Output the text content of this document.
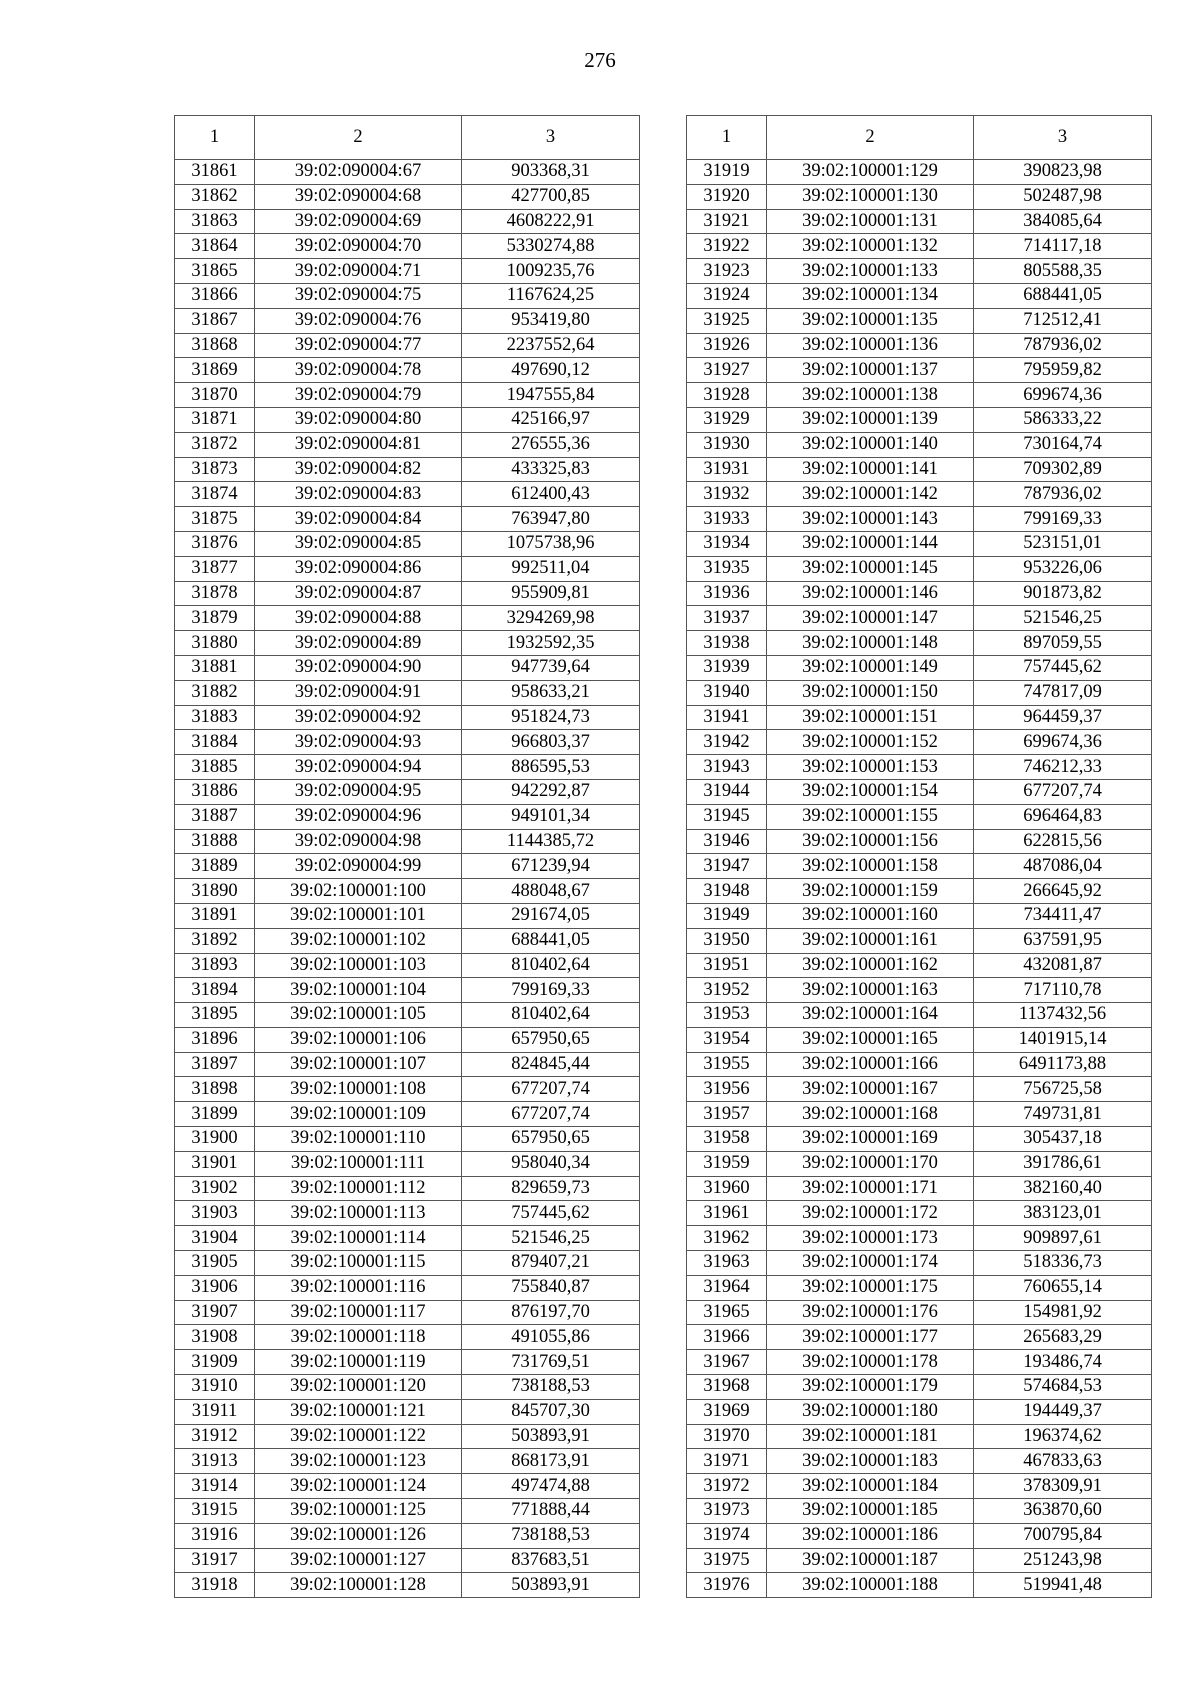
276
1	2	3
31861	39:02:090004:67	903368,31
31862	39:02:090004:68	427700,85
31863	39:02:090004:69	4608222,91
31864	39:02:090004:70	5330274,88
31865	39:02:090004:71	1009235,76
31866	39:02:090004:75	1167624,25
31867	39:02:090004:76	953419,80
31868	39:02:090004:77	2237552,64
31869	39:02:090004:78	497690,12
31870	39:02:090004:79	1947555,84
31871	39:02:090004:80	425166,97
31872	39:02:090004:81	276555,36
31873	39:02:090004:82	433325,83
31874	39:02:090004:83	612400,43
31875	39:02:090004:84	763947,80
31876	39:02:090004:85	1075738,96
31877	39:02:090004:86	992511,04
31878	39:02:090004:87	955909,81
31879	39:02:090004:88	3294269,98
31880	39:02:090004:89	1932592,35
31881	39:02:090004:90	947739,64
31882	39:02:090004:91	958633,21
31883	39:02:090004:92	951824,73
31884	39:02:090004:93	966803,37
31885	39:02:090004:94	886595,53
31886	39:02:090004:95	942292,87
31887	39:02:090004:96	949101,34
31888	39:02:090004:98	1144385,72
31889	39:02:090004:99	671239,94
31890	39:02:100001:100	488048,67
31891	39:02:100001:101	291674,05
31892	39:02:100001:102	688441,05
31893	39:02:100001:103	810402,64
31894	39:02:100001:104	799169,33
31895	39:02:100001:105	810402,64
31896	39:02:100001:106	657950,65
31897	39:02:100001:107	824845,44
31898	39:02:100001:108	677207,74
31899	39:02:100001:109	677207,74
31900	39:02:100001:110	657950,65
31901	39:02:100001:111	958040,34
31902	39:02:100001:112	829659,73
31903	39:02:100001:113	757445,62
31904	39:02:100001:114	521546,25
31905	39:02:100001:115	879407,21
31906	39:02:100001:116	755840,87
31907	39:02:100001:117	876197,70
31908	39:02:100001:118	491055,86
31909	39:02:100001:119	731769,51
31910	39:02:100001:120	738188,53
31911	39:02:100001:121	845707,30
31912	39:02:100001:122	503893,91
31913	39:02:100001:123	868173,91
31914	39:02:100001:124	497474,88
31915	39:02:100001:125	771888,44
31916	39:02:100001:126	738188,53
31917	39:02:100001:127	837683,51
31918	39:02:100001:128	503893,91
1	2	3
31919	39:02:100001:129	390823,98
31920	39:02:100001:130	502487,98
31921	39:02:100001:131	384085,64
31922	39:02:100001:132	714117,18
31923	39:02:100001:133	805588,35
31924	39:02:100001:134	688441,05
31925	39:02:100001:135	712512,41
31926	39:02:100001:136	787936,02
31927	39:02:100001:137	795959,82
31928	39:02:100001:138	699674,36
31929	39:02:100001:139	586333,22
31930	39:02:100001:140	730164,74
31931	39:02:100001:141	709302,89
31932	39:02:100001:142	787936,02
31933	39:02:100001:143	799169,33
31934	39:02:100001:144	523151,01
31935	39:02:100001:145	953226,06
31936	39:02:100001:146	901873,82
31937	39:02:100001:147	521546,25
31938	39:02:100001:148	897059,55
31939	39:02:100001:149	757445,62
31940	39:02:100001:150	747817,09
31941	39:02:100001:151	964459,37
31942	39:02:100001:152	699674,36
31943	39:02:100001:153	746212,33
31944	39:02:100001:154	677207,74
31945	39:02:100001:155	696464,83
31946	39:02:100001:156	622815,56
31947	39:02:100001:158	487086,04
31948	39:02:100001:159	266645,92
31949	39:02:100001:160	734411,47
31950	39:02:100001:161	637591,95
31951	39:02:100001:162	432081,87
31952	39:02:100001:163	717110,78
31953	39:02:100001:164	1137432,56
31954	39:02:100001:165	1401915,14
31955	39:02:100001:166	6491173,88
31956	39:02:100001:167	756725,58
31957	39:02:100001:168	749731,81
31958	39:02:100001:169	305437,18
31959	39:02:100001:170	391786,61
31960	39:02:100001:171	382160,40
31961	39:02:100001:172	383123,01
31962	39:02:100001:173	909897,61
31963	39:02:100001:174	518336,73
31964	39:02:100001:175	760655,14
31965	39:02:100001:176	154981,92
31966	39:02:100001:177	265683,29
31967	39:02:100001:178	193486,74
31968	39:02:100001:179	574684,53
31969	39:02:100001:180	194449,37
31970	39:02:100001:181	196374,62
31971	39:02:100001:183	467833,63
31972	39:02:100001:184	378309,91
31973	39:02:100001:185	363870,60
31974	39:02:100001:186	700795,84
31975	39:02:100001:187	251243,98
31976	39:02:100001:188	519941,48
